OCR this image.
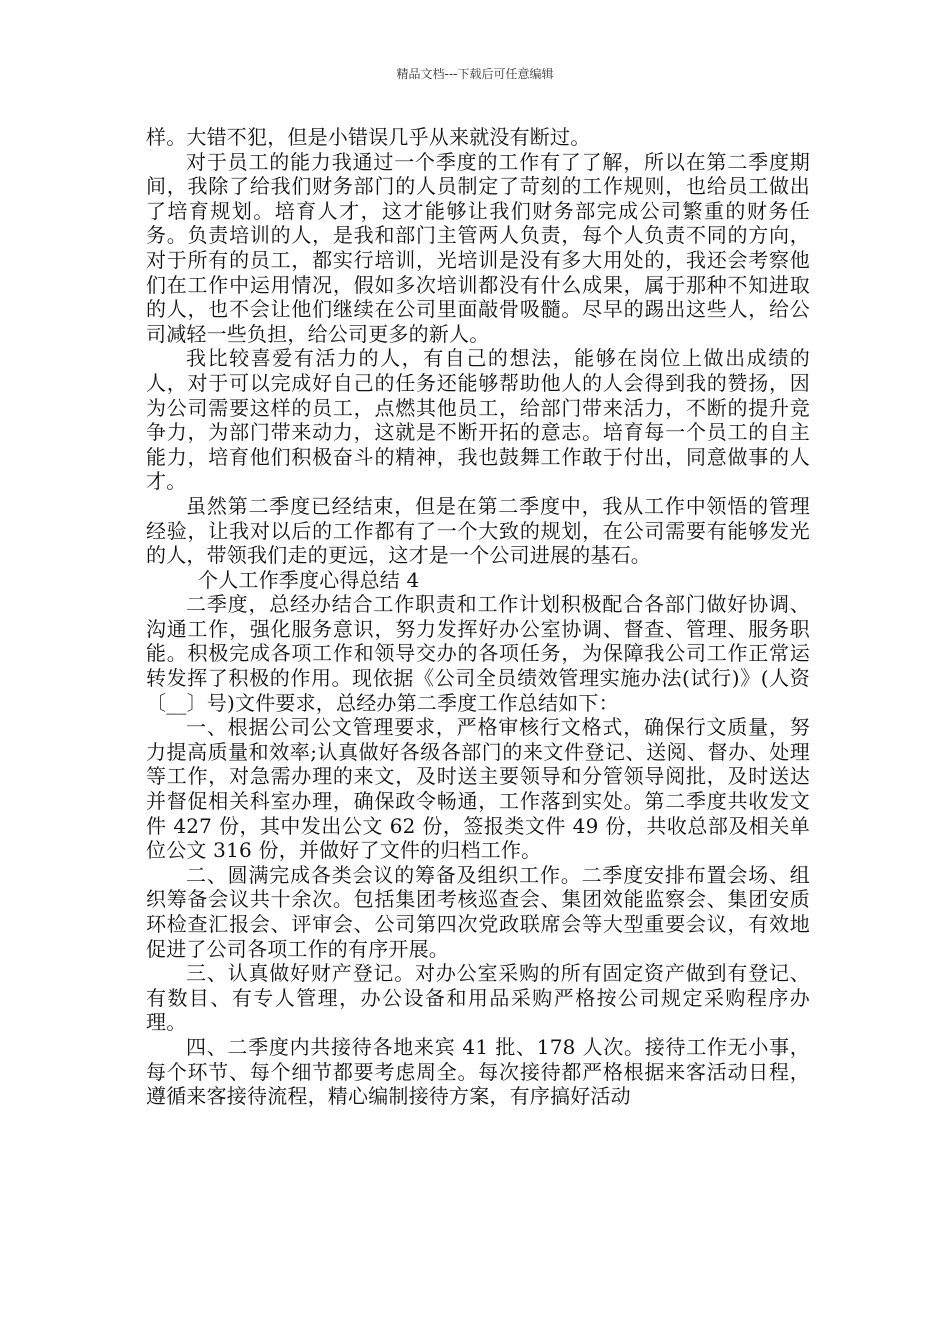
精品文档---下载后可任意编辑

样。大错不犯，但是小错误几乎从来就没有断过。

对于员工的能力我通过一个季度的工作有了了解，所以在第二季度期间，我除了给我们财务部门的人员制定了苛刻的工作规则，也给员工做出了培育规划。培育人才，这才能够让我们财务部完成公司繁重的财务任务。负责培训的人，是我和部门主管两人负责，每个人负责不同的方向，对于所有的员工，都实行培训，光培训是没有多大用处的，我还会考察他们在工作中运用情况，假如多次培训都没有什么成果，属于那种不知进取的人，也不会让他们继续在公司里面敲骨吸髓。尽早的踢出这些人，给公司减轻一些负担，给公司更多的新人。

我比较喜爱有活力的人，有自己的想法，能够在岗位上做出成绩的人，对于可以完成好自己的任务还能够帮助他人的人会得到我的赞扬，因为公司需要这样的员工，点燃其他员工，给部门带来活力，不断的提升竞争力，为部门带来动力，这就是不断开拓的意志。培育每一个员工的自主能力，培育他们积极奋斗的精神，我也鼓舞工作敢于付出，同意做事的人才。

虽然第二季度已经结束，但是在第二季度中，我从工作中领悟的管理经验，让我对以后的工作都有了一个大致的规划，在公司需要有能够发光的人，带领我们走的更远，这才是一个公司进展的基石。

个人工作季度心得总结 4

二季度，总经办结合工作职责和工作计划积极配合各部门做好协调、沟通工作，强化服务意识，努力发挥好办公室协调、督查、管理、服务职能。积极完成各项工作和领导交办的各项任务，为保障我公司工作正常运转发挥了积极的作用。现依据《公司全员绩效管理实施办法(试行)》(人资〔__〕号)文件要求，总经办第二季度工作总结如下：

一、根据公司公文管理要求，严格审核行文格式，确保行文质量，努力提高质量和效率;认真做好各级各部门的来文件登记、送阅、督办、处理等工作，对急需办理的来文，及时送主要领导和分管领导阅批，及时送达并督促相关科室办理，确保政令畅通，工作落到实处。第二季度共收发文件 427 份，其中发出公文 62 份，签报类文件 49 份，共收总部及相关单位公文 316 份，并做好了文件的归档工作。

二、圆满完成各类会议的筹备及组织工作。二季度安排布置会场、组织筹备会议共十余次。包括集团考核巡查会、集团效能监察会、集团安质环检查汇报会、评审会、公司第四次党政联席会等大型重要会议，有效地促进了公司各项工作的有序开展。

三、认真做好财产登记。对办公室采购的所有固定资产做到有登记、有数目、有专人管理，办公设备和用品采购严格按公司规定采购程序办理。

四、二季度内共接待各地来宾 41 批、178 人次。接待工作无小事，每个环节、每个细节都要考虑周全。每次接待都严格根据来客活动日程，遵循来客接待流程，精心编制接待方案，有序搞好活动
